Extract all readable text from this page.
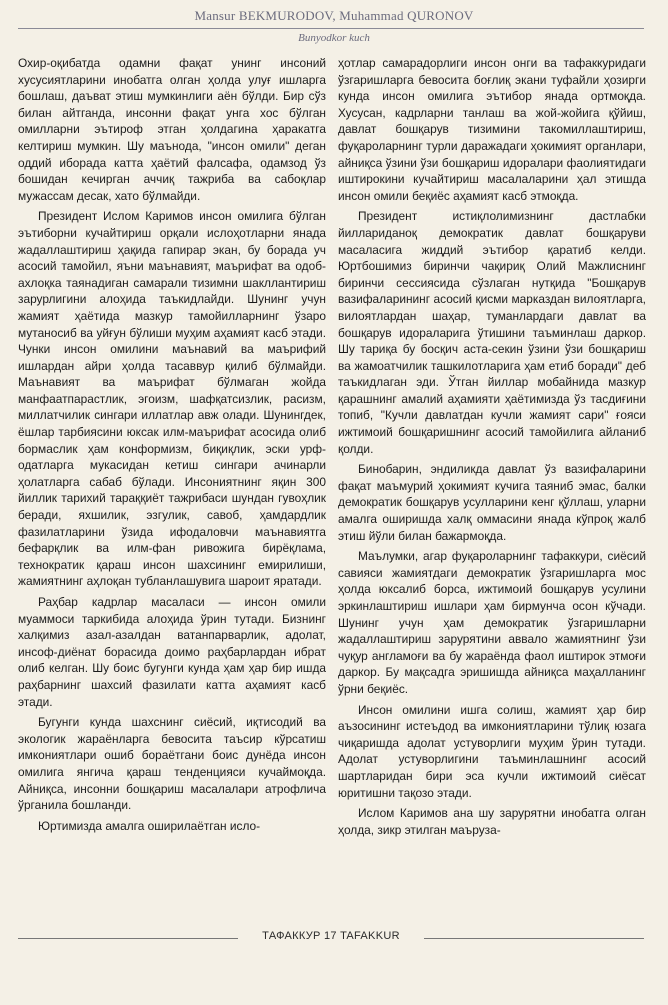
Mansur BEKMURODOV, Muhammad QURONOV
Bunyodkor kuch

Охир-оқибатда одамни фақат унинг инсоний хусусиятларини инобатга олган ҳолда улуғ ишларга бошлаш, даъват этиш мумкинлиги аён бўлди. Бир сўз билан айтганда, инсонни фақат унга хос бўлган омилларни эътироф этган ҳолдагина ҳаракатга келтириш мумкин. Шу маънода, "инсон омили" деган оддий иборада катта ҳаётий фалсафа, одамзод ўз бошидан кечирган аччиқ тажриба ва сабоқлар мужассам десак, хато бўлмайди.

Президент Ислом Каримов инсон омилига бўлган эътиборни кучайтириш орқали ислоҳотларни янада жадаллаштириш ҳақида гапирар экан, бу борада уч асосий тамойил, яъни маънавият, маърифат ва одоб-ахлоқка таянадиган самарали тизимни шакллантириш зарурлигини алоҳида таъкидлайди. Шунинг учун жамият ҳаётида мазкур тамойилларнинг ўзаро мутаносиб ва уйғун бўлиши муҳим аҳамият касб этади. Чунки инсон омилини маънавий ва маърифий ишлардан айри ҳолда тасаввур қилиб бўлмайди. Маънавият ва маърифат бўлмаган жойда манфаатпарастлик, эгоизм, шафқатсизлик, расизм, миллатчилик сингари иллатлар авж олади. Шунингдек, ёшлар тарбиясини юксак илм-маърифат асосида олиб бормаслик ҳам конформизм, биқиқлик, эски урф-одатларга мукасидан кетиш сингари ачинарли ҳолатларга сабаб бўлади. Инсониятнинг яқин 300 йиллик тарихий тараққиёт тажрибаси шундан гувоҳлик беради, яхшилик, эзгулик, савоб, ҳамдардлик фазилатларини ўзида ифодаловчи маънавиятга бефарқлик ва илм-фан ривожига бирёқлама, технократик қараш инсон шахсининг емирилиши, жамиятнинг аҳлоқан тубланлашувига шароит яратади.

Раҳбар кадрлар масаласи — инсон омили муаммоси таркибида алоҳида ўрин тутади. Бизнинг халқимиз азал-азалдан ватанпарварлик, адолат, инсоф-диёнат борасида доимо раҳбарлардан ибрат олиб келган. Шу боис бугунги кунда ҳам ҳар бир ишда раҳбарнинг шахсий фазилати катта аҳамият касб этади.

Бугунги кунда шахснинг сиёсий, иқтисодий ва экологик жараёнларга бевосита таъсир кўрсатиш имкониятлари ошиб бораётгани боис дунёда инсон омилига янгича қараш тенденцияси кучаймоқда. Айниқса, инсонни бошқариш масалалари атрофлича ўрганила бошланди.

Юртимизда амалга оширилаётган исло-

ҳотлар самарадорлиги инсон онги ва тафаккуридаги ўзгаришларга бевосита боғлиқ экани туфайли ҳозирги кунда инсон омилига эътибор янада ортмоқда. Хусусан, кадрларни танлаш ва жой-жойига қўйиш, давлат бошқарув тизимини такомиллаштириш, фуқароларнинг турли даражадаги ҳокимият органлари, айниқса ўзини ўзи бошқариш идоралари фаолиятидаги иштирокини кучайтириш масалаларини ҳал этишда инсон омили беқиёс аҳамият касб этмоқда.

Президент истиқлолимизнинг дастлабки йиллариданоқ демократик давлат бошқаруви масаласига жиддий эътибор қаратиб келди. Юртбошимиз биринчи чақириқ Олий Мажлиснинг биринчи сессиясида сўзлаган нутқида "Бошқарув вазифаларининг асосий қисми марказдан вилоятларга, вилоятлардан шаҳар, туманлардаги давлат ва бошқарув идораларига ўтишини таъминлаш даркор. Шу тариқа бу босқич аста-секин ўзини ўзи бошқариш ва жамоатчилик ташкилотларига ҳам етиб боради" деб таъкидлаган эди. Ўтган йиллар мобайнида мазкур қарашнинг амалий аҳамияти ҳаётимизда ўз тасдиғини топиб, "Кучли давлатдан кучли жамият сари" ғояси ижтимоий бошқаришнинг асосий тамойилига айланиб қолди.

Бинобарин, эндиликда давлат ўз вазифаларини фақат маъмурий ҳокимият кучига таяниб эмас, балки демократик бошқарув усулларини кенг қўллаш, уларни амалга оширишда халқ оммасини янада кўпроқ жалб этиш йўли билан бажармоқда.

Маълумки, агар фуқароларнинг тафаккури, сиёсий савияси жамиятдаги демократик ўзгаришларга мос ҳолда юксалиб борса, ижтимоий бошқарув усулини эркинлаштириш ишлари ҳам бирмунча осон кўчади. Шунинг учун ҳам демократик ўзгаришларни жадаллаштириш зарурятини аввало жамиятнинг ўзи чуқур англамоғи ва бу жараёнда фаол иштирок этмоғи даркор. Бу мақсадга эришишда айниқса маҳалланинг ўрни беқиёс.

Инсон омилини ишга солиш, жамият ҳар бир аъзосининг истеъдод ва имкониятларини тўлиқ юзага чиқаришда адолат устуворлиги муҳим ўрин тутади. Адолат устуворлигини таъминлашнинг асосий шартларидан бири эса кучли ижтимоий сиёсат юритишни тақозо этади.

Ислом Каримов ана шу зарурятни инобатга олган ҳолда, зикр этилган маърузa-

ТАФАККУР 17 TAFAKKUR
